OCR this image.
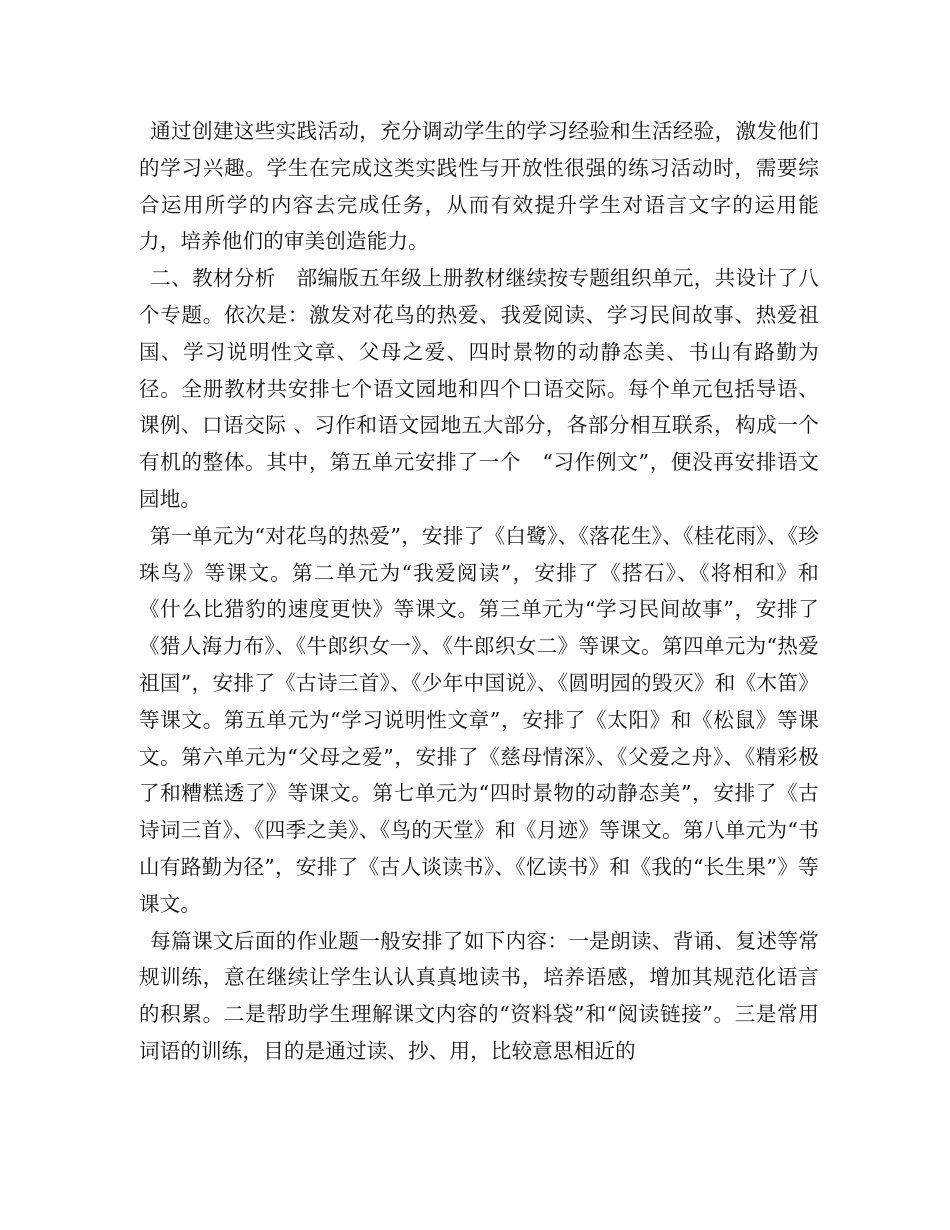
通过创建这些实践活动，充分调动学生的学习经验和生活经验，激发他们的学习兴趣。学生在完成这类实践性与开放性很强的练习活动时，需要综合运用所学的内容去完成任务，从而有效提升学生对语言文字的运用能力，培养他们的审美创造能力。

二、教材分析　部编版五年级上册教材继续按专题组织单元，共设计了八个专题。依次是：激发对花鸟的热爱、我爱阅读、学习民间故事、热爱祖国、学习说明性文章、父母之爱、四时景物的动静态美、书山有路勤为径。全册教材共安排七个语文园地和四个口语交际。每个单元包括导语、课例、口语交际 、习作和语文园地五大部分，各部分相互联系，构成一个有机的整体。其中，第五单元安排了一个　“习作例文”，便没再安排语文园地。

第一单元为“对花鸟的热爱”，安排了《白鹭》、《落花生》、《桂花雨》、《珍珠鸟》等课文。第二单元为“我爱阅读”，安排了《搭石》、《将相和》和《什么比猎豹的速度更快》等课文。第三单元为“学习民间故事”，安排了《猎人海力布》、《牛郎织女一》、《牛郎织女二》等课文。第四单元为“热爱祖国”，安排了《古诗三首》、《少年中国说》、《圆明园的毁灭》和《木笛》等课文。第五单元为“学习说明性文章”，安排了《太阳》和《松鼠》等课文。第六单元为“父母之爱”，安排了《慈母情深》、《父爱之舟》、《精彩极了和糟糕透了》等课文。第七单元为“四时景物的动静态美”，安排了《古诗词三首》、《四季之美》、《鸟的天堂》和《月迹》等课文。第八单元为“书山有路勤为径”，安排了《古人谈读书》、《忆读书》和《我的“长生果”》等课文。

每篇课文后面的作业题一般安排了如下内容：一是朗读、背诵、复述等常规训练，意在继续让学生认认真真地读书，培养语感，增加其规范化语言的积累。二是帮助学生理解课文内容的“资料袋”和“阅读链接”。三是常用词语的训练，目的是通过读、抄、用，比较意思相近的
